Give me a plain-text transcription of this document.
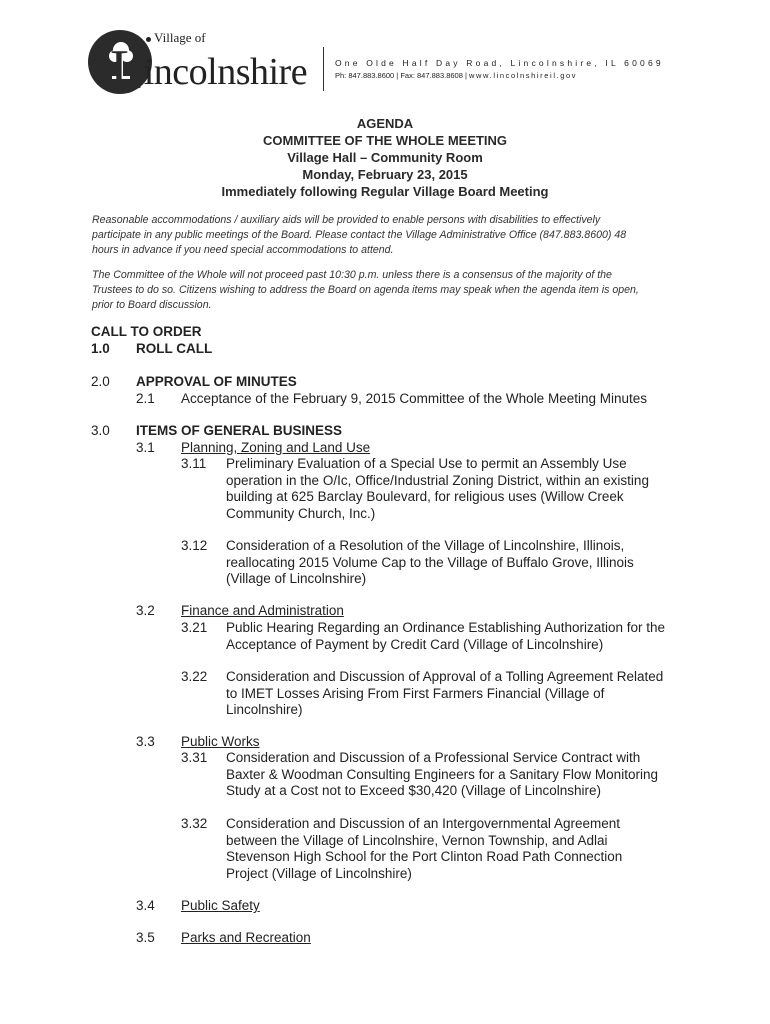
Village of
Lincolnshire	One Olde Half Day Road, Lincolnshire, IL 60069
Ph: 847.883.8600 | Fax: 847.883.8608 | www.lincolnshireil.gov
AGENDA
COMMITTEE OF THE WHOLE MEETING
Village Hall – Community Room
Monday, February 23, 2015
Immediately following Regular Village Board Meeting
Reasonable accommodations / auxiliary aids will be provided to enable persons with disabilities to effectively
participate in any public meetings of the Board. Please contact the Village Administrative Office (847.883.8600) 48
hours in advance if you need special accommodations to attend.
The Committee of the Whole will not proceed past 10:30 p.m. unless there is a consensus of the majority of the
Trustees to do so. Citizens wishing to address the Board on agenda items may speak when the agenda item is open,
prior to Board discussion.
CALL TO ORDER
1.0 ROLL CALL
2.0 APPROVAL OF MINUTES
2.1 Acceptance of the February 9, 2015 Committee of the Whole Meeting Minutes
3.0 ITEMS OF GENERAL BUSINESS
3.1 Planning, Zoning and Land Use
3.11 Preliminary Evaluation of a Special Use to permit an Assembly Use
operation in the O/Ic, Office/Industrial Zoning District, within an existing
building at 625 Barclay Boulevard, for religious uses (Willow Creek
Community Church, Inc.)
3.12 Consideration of a Resolution of the Village of Lincolnshire, Illinois,
reallocating 2015 Volume Cap to the Village of Buffalo Grove, Illinois
(Village of Lincolnshire)
3.2 Finance and Administration
3.21 Public Hearing Regarding an Ordinance Establishing Authorization for the
Acceptance of Payment by Credit Card (Village of Lincolnshire)
3.22 Consideration and Discussion of Approval of a Tolling Agreement Related
to IMET Losses Arising From First Farmers Financial (Village of
Lincolnshire)
3.3 Public Works
3.31 Consideration and Discussion of a Professional Service Contract with
Baxter & Woodman Consulting Engineers for a Sanitary Flow Monitoring
Study at a Cost not to Exceed $30,420 (Village of Lincolnshire)
3.32 Consideration and Discussion of an Intergovernmental Agreement
between the Village of Lincolnshire, Vernon Township, and Adlai
Stevenson High School for the Port Clinton Road Path Connection
Project (Village of Lincolnshire)
3.4 Public Safety
3.5 Parks and Recreation
